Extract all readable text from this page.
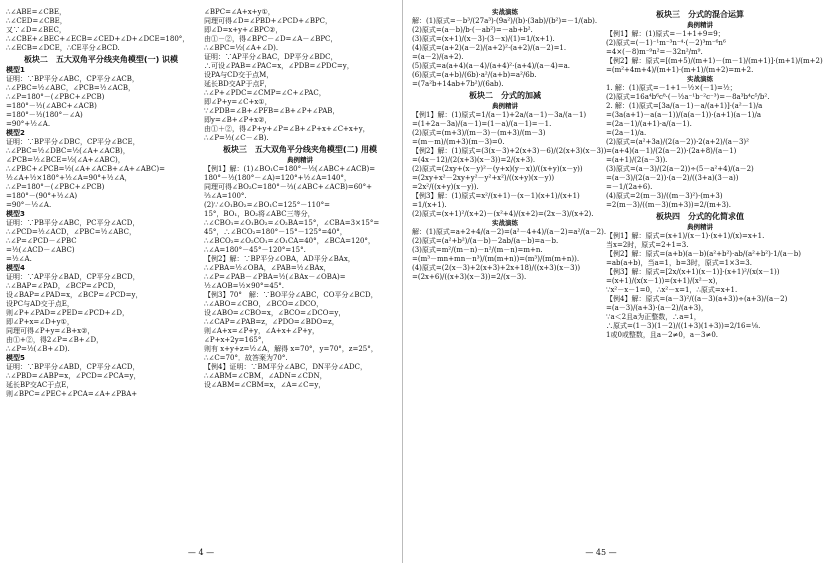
∴∠ABE=∠CBE，
∴∠CED=∠CBE，
又∵∠D=∠BEC，
∴∠CBE+∠BEC+∠ECB=∠CED+∠D+∠DCE=180°，
∴∠ECB=∠DCE，∴CE平分∠BCD.
板块二　五大双角平分线夹角模型(一) 识模
模型1
证明：∵BP平分∠ABC，CP平分∠ACB，
∴∠PBC=½∠ABC，∠PCB=½∠ACB，
∴∠P=180°－(∠PBC+∠PCB)
=180°－½(∠ABC+∠ACB)
=180°－½(180°－∠A)
=90°+½∠A.
模型2
证明：∵BP平分∠DBC，CP平分∠BCE，
∴∠PBC=½∠DBC=½(∠A+∠ACB)，
∠PCB=½∠BCE=½(∠A+∠ABC)，
∴∠PBC+∠PCB=½(∠A+∠ACB+∠A+∠ABC)=
½∠A+½×180°+½∠A=90°+½∠A，
∴∠P=180°－(∠PBC+∠PCB)
=180°－(90°+½∠A)
=90°－½∠A.
模型3
证明：∵PB平分∠ABC，PC平分∠ACD，
∴∠PCD=½∠ACD，∠PBC=½∠ABC，
∴∠P=∠PCD－∠PBC
=½(∠ACD－∠ABC)
=½∠A.
模型4
证明：∵AP平分∠BAD，CP平分∠BCD，
∴∠BAP=∠PAD，∠BCP=∠PCD，
设∠BAP=∠PAD=x，∠BCP=∠PCD=y，
设PC与AD交于点E，
则∠P+∠PAD=∠PED=∠PCD+∠D，
即∠P+x=∠D+y①，
同理可得∠P+y=∠B+x②，
由①+②，得2∠P=∠B+∠D，
∴∠P=½(∠B+∠D).
模型5
证明：∵BP平分∠ABD，CP平分∠ACD，
∴∠PBD=∠ABP=x，∠PCD=∠PCA=y，
延长BP交AC于点E，
则∠BPC=∠PEC+∠PCA=∠A+∠PBA+
∠BPC=∠A+x+y①，
同理可得∠D=∠PBD+∠PCD+∠BPC，
即∠D=x+y+∠BPC②，
由①－②，得∠BPC－∠D=∠A－∠BPC，
∴∠BPC=½(∠A+∠D).
证明：∵AP平分∠BAC，DP平分∠BDC，
∴可设∠PAB=∠PAC=x，∠PDB=∠PDC=y，
设PA与CD交于点M，
延长BD交AP于点F，
∴∠P+∠PDC=∠CMP=∠C+∠PAC，
即∠P+y=∠C+x①，
∵∠PDB=∠B+∠PFB=∠B+∠P+∠PAB，
即y=∠B+∠P+x②，
由①＋②，得∠P+y+∠P=∠B+∠P+x+∠C+x+y，
∴∠P=½(∠C－∠B).
板块三　五大双角平分线夹角模型(二) 用模
典例精讲
【例1】解：(1)∠BO₁C=180°－½(∠ABC+∠ACB)=
180°－½(180°－∠A)=120°+½∠A=140°，
同理可得∠BO₂C=180°－⅔(∠ABC+∠ACB)=60°+
⅔∠A=100°.
(2)∵∠O₁BO₂=∠BO₁C=125°－110°=
15°，BO₁，BO₂将∠ABC三等分，
∴∠CBO₁=∠O₁BO₂=∠O₂BA=15°，∠CBA=3×15°=
45°，∴∠BCO₂=180°－15°－125°=40°，
∴∠BCO₂=∠O₂CO₁=∠O₁CA=40°，∠BCA=120°，
∴∠A=180°－45°－120°=15°.
【例2】解：∵BP平分∠OBA，AD平分∠BAx，
∴∠PBA=½∠OBA，∠PAB=½∠BAx，
∴∠P=∠PAB－∠PBA=½(∠BAx－∠OBA)=
½∠AOB=½×90°=45°.
【例3】70°　解：∵BO平分∠ABC，CO平分∠BCD，
∴∠ABO=∠CBO，∠BCO=∠DCO，
设∠ABO=∠CBO=x，∠BCO=∠DCO=y，
∴∠CAP=∠PAB=z，∠PDO=∠BDO=z，
则∠A+x=∠P+y，∠A+x+∠P+y，
∠P+x+2y=165°，
则有 x+y+z=½∠A，解得 x=70°，y=70°，z=25°，
∴∠C=70°．故答案为70°.
【例4】证明：∵BM平分∠ABC，DN平分∠ADC，
∴∠ABM=∠CBM，∠ADN=∠CDN，
设∠ABM=∠CBM=x，∠A=∠C=y，
— 4 —
实战演练
解：(1)原式=－b³/(27a³)·(9a²)/(b)·(3ab)/(b²)=－1/(ab).
(2)原式=(a－b)/b·(－ab²)=－ab+b².
(3)原式=(x+1)/(x－3)·(3－x)/(1)=1/(x+1).
(4)原式=(a+2)(a－2)/(a+2)²·(a+2)/(a－2)=1.
=(a－2)/(a+2).
(5)原式=a(a+4)(a－4)/(a+4)²·(a+4)/(a－4)=a.
(6)原式=(a+b)/(6b)·a²/(a+b)=a²/6b.
=(7a²b+14ab+7b²)/(6ab).
板块二　分式的加减
典例精讲
【例1】解：(1)原式=1/(a－1)+2a/(a－1)－3a/(a－1)
=(1+2a－3a)/(a－1)=(1－a)/(a－1)=－1.
(2)原式=(m+3)/(m－3)－(m+3)/(m－3)
=(m－m)/(m+3)(m－3)=0.
【例2】解：(1)原式=(3(x－3)+2(x+3)－6)/(2(x+3)(x－3))
=(4x－12)/(2(x+3)(x－3))=2/(x+3).
(2)原式=(2xy+(x－y)²－(y+x)(y－x))/((x+y)(x－y))
=(2xy+x²－2xy+y²－y²+x²)/((x+y)(x－y))
=2x²/((x+y)(x－y)).
【例3】解：(1)原式=x²/(x+1)－(x－1)(x+1)/(x+1)
=1/(x+1).
(2)原式=(x+1)²/(x+2)－(x²+4)/(x+2)=(2x－3)/(x+2).
实战演练
解：(1)原式=a+2+4/(a－2)=(a²－4+4)/(a－2)=a²/(a－2).
(2)原式=(a²+b²)/(a－b)－2ab/(a－b)=a－b.
(3)原式=m²/(m－n)－n²/(m－n)=m+n.
=(m³－mn+mn－n³)/(m(m+n))=(m³)/(m(m+n)).
(4)原式=(2(x－3)+2(x+3)+2x+18)/((x+3)(x－3))
=(2x+6)/((x+3)(x－3))=2/(x－3).
板块三　分式的混合运算
典例精讲
【例1】解：(1)原式=－1+1+9=9；
(2)原式=(－1)⁻¹m⁻³n⁻⁴·(－2)³m⁻⁶n⁶
=4×(－8)m⁻⁹n²=－32n²/m⁹.
【例2】解：原式=[(m+5)/(m+1)－(m－1)/(m+1)]·(m+1)/(m+2)
=(m²+4m+4)/(m+1)·(m+1)/(m+2)=m+2.
实战演练
1. 解：(1)原式=－1+1－½×(－1)=½；
(2)原式=16a⁴b⁶c⁸·(－½a⁻¹b⁻²c⁻³)=－8a³b⁴c⁵/b².
2. 解：(1)原式=[3a/(a－1)－a/(a+1)]·(a²－1)/a
=(3a(a+1)－a(a－1))/(a(a－1))·(a+1)(a－1)/a
=(2a－1)/(a+1)·a/(a－1).
=(2a－1)/a.
(2)原式=(a²+3a)/(2(a－2))·2(a+2)/(a－3)²
=(a+4)(a－1)/(2(a－2))·(2a+8)/(a－1)
=(a+1)/(2(a－3)).
(3)原式=(a－3)/(2(a－2))÷(5－a²+4)/(a－2)
=(a－3)/(2(a－2))·(a－2)/((3+a)(3－a))
=－1/(2a+6).
(4)原式=2(m－3)/((m－3)²)·(m+3)
=2(m－3)/((m－3)(m+3))=2/(m+3).
板块四　分式的化简求值
典例精讲
【例1】解：原式=(x+1)/(x－1)·(x+1)/(x)=x+1.
当x=2时，原式=2+1=3.
【例2】解：原式=(a+b)(a－b)(a²+b²)·ab/(a²+b²)·1/(a－b)
=ab(a+b)，当a=1，b=3时，原式=1×3=3.
【例3】解：原式=[2x/(x+1)(x－1)]·(x+1)²/(x(x－1))
=(x+1)/(x(x－1))=(x+1)/(x²－x)，
∵x²－x－1=0，∴x²－x=1，∴原式=x+1.
【例4】解：原式=(a－3)²/((a－3)(a+3))÷(a+3)/(a－2)
=(a－3)/(a+3)·(a－2)/(a+3)，
∵a＜2且a为正整数，∴a=1，
∴原式=(1－3)(1－2)/((1+3)(1+3))=2/16=⅛.
1或0或整数，且a－2≠0，a－3≠0.
— 45 —
